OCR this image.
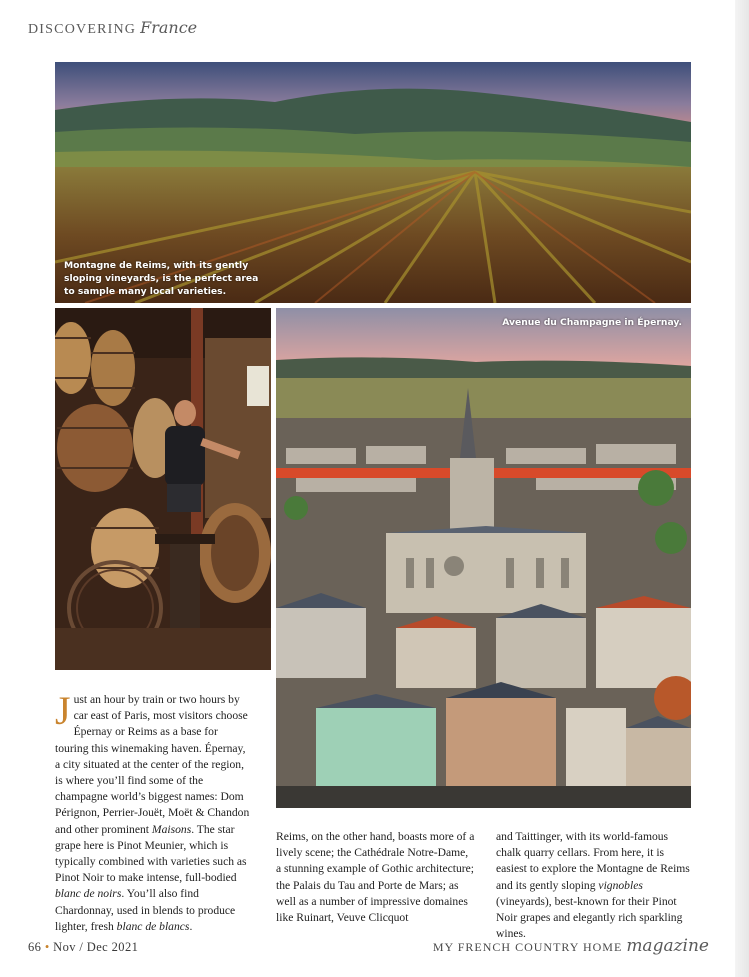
DISCOVERING France
Montagne de Reims, with its gently sloping vineyards, is the perfect area to sample many local varieties.
Avenue du Champagne in Épernay.
Just an hour by train or two hours by car east of Paris, most visitors choose Épernay or Reims as a base for touring this winemaking haven. Épernay, a city situated at the center of the region, is where you’ll find some of the champagne world’s biggest names: Dom Pérignon, Perrier-Jouët, Moët & Chandon and other prominent Maisons. The star grape here is Pinot Meunier, which is typically combined with varieties such as Pinot Noir to make intense, full-bodied blanc de noirs. You’ll also find Chardonnay, used in blends to produce lighter, fresh blanc de blancs.
Reims, on the other hand, boasts more of a lively scene; the Cathédrale Notre-Dame, a stunning example of Gothic architecture; the Palais du Tau and Porte de Mars; as well as a number of impressive domaines like Ruinart, Veuve Clicquot
and Taittinger, with its world-famous chalk quarry cellars. From here, it is easiest to explore the Montagne de Reims and its gently sloping vignobles (vineyards), best-known for their Pinot Noir grapes and elegantly rich sparkling wines.
66 • Nov / Dec 2021	MY FRENCH COUNTRY HOME magazine
